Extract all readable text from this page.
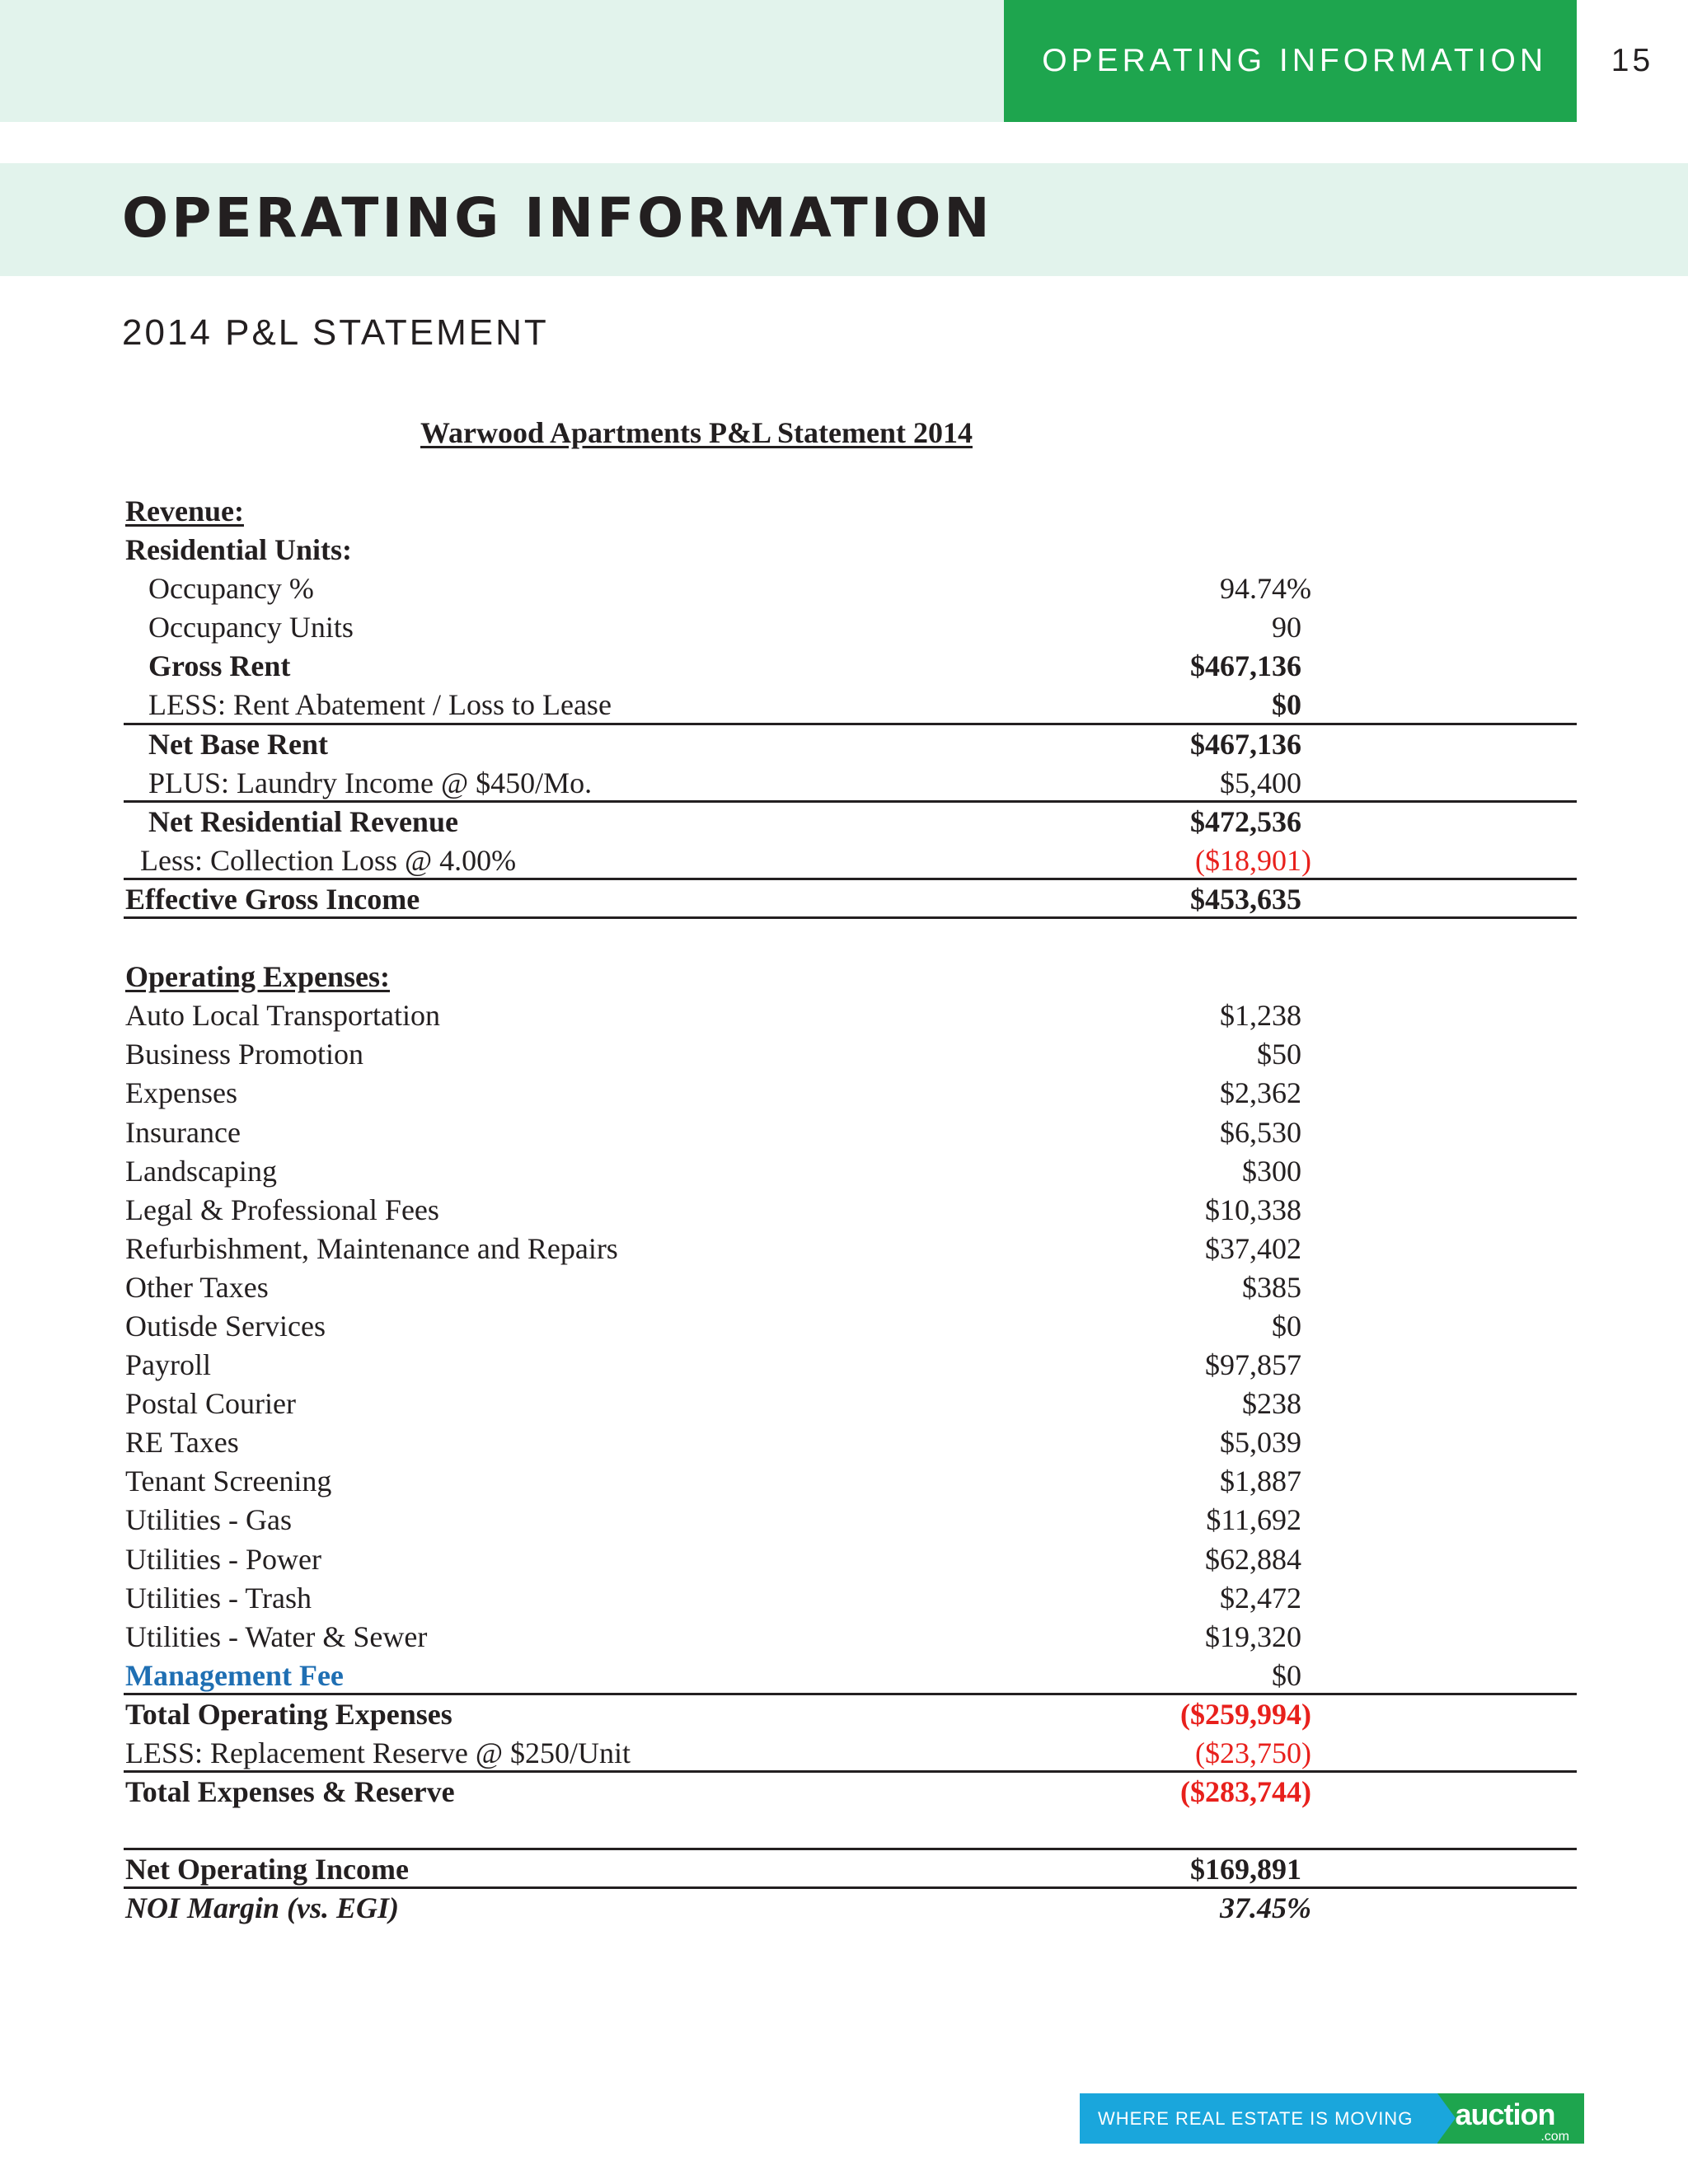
OPERATING INFORMATION 15
OPERATING INFORMATION
2014 P&L STATEMENT
Warwood Apartments P&L Statement 2014
Revenue:
Residential Units:
Occupancy %	94.74%
Occupancy Units	90
Gross Rent	$467,136
LESS: Rent Abatement / Loss to Lease	$0
Net Base Rent	$467,136
PLUS: Laundry Income @ $450/Mo.	$5,400
Net Residential Revenue	$472,536
Less: Collection Loss @ 4.00%	($18,901)
Effective Gross Income	$453,635
Operating Expenses:
Auto Local Transportation	$1,238
Business Promotion	$50
Expenses	$2,362
Insurance	$6,530
Landscaping	$300
Legal & Professional Fees	$10,338
Refurbishment, Maintenance and Repairs	$37,402
Other Taxes	$385
Outisde Services	$0
Payroll	$97,857
Postal Courier	$238
RE Taxes	$5,039
Tenant Screening	$1,887
Utilities - Gas	$11,692
Utilities - Power	$62,884
Utilities - Trash	$2,472
Utilities - Water & Sewer	$19,320
Management Fee	$0
Total Operating Expenses	($259,994)
LESS: Replacement Reserve @ $250/Unit	($23,750)
Total Expenses & Reserve	($283,744)
Net Operating Income	$169,891
NOI Margin (vs. EGI)	37.45%
WHERE REAL ESTATE IS MOVING auction
.com
